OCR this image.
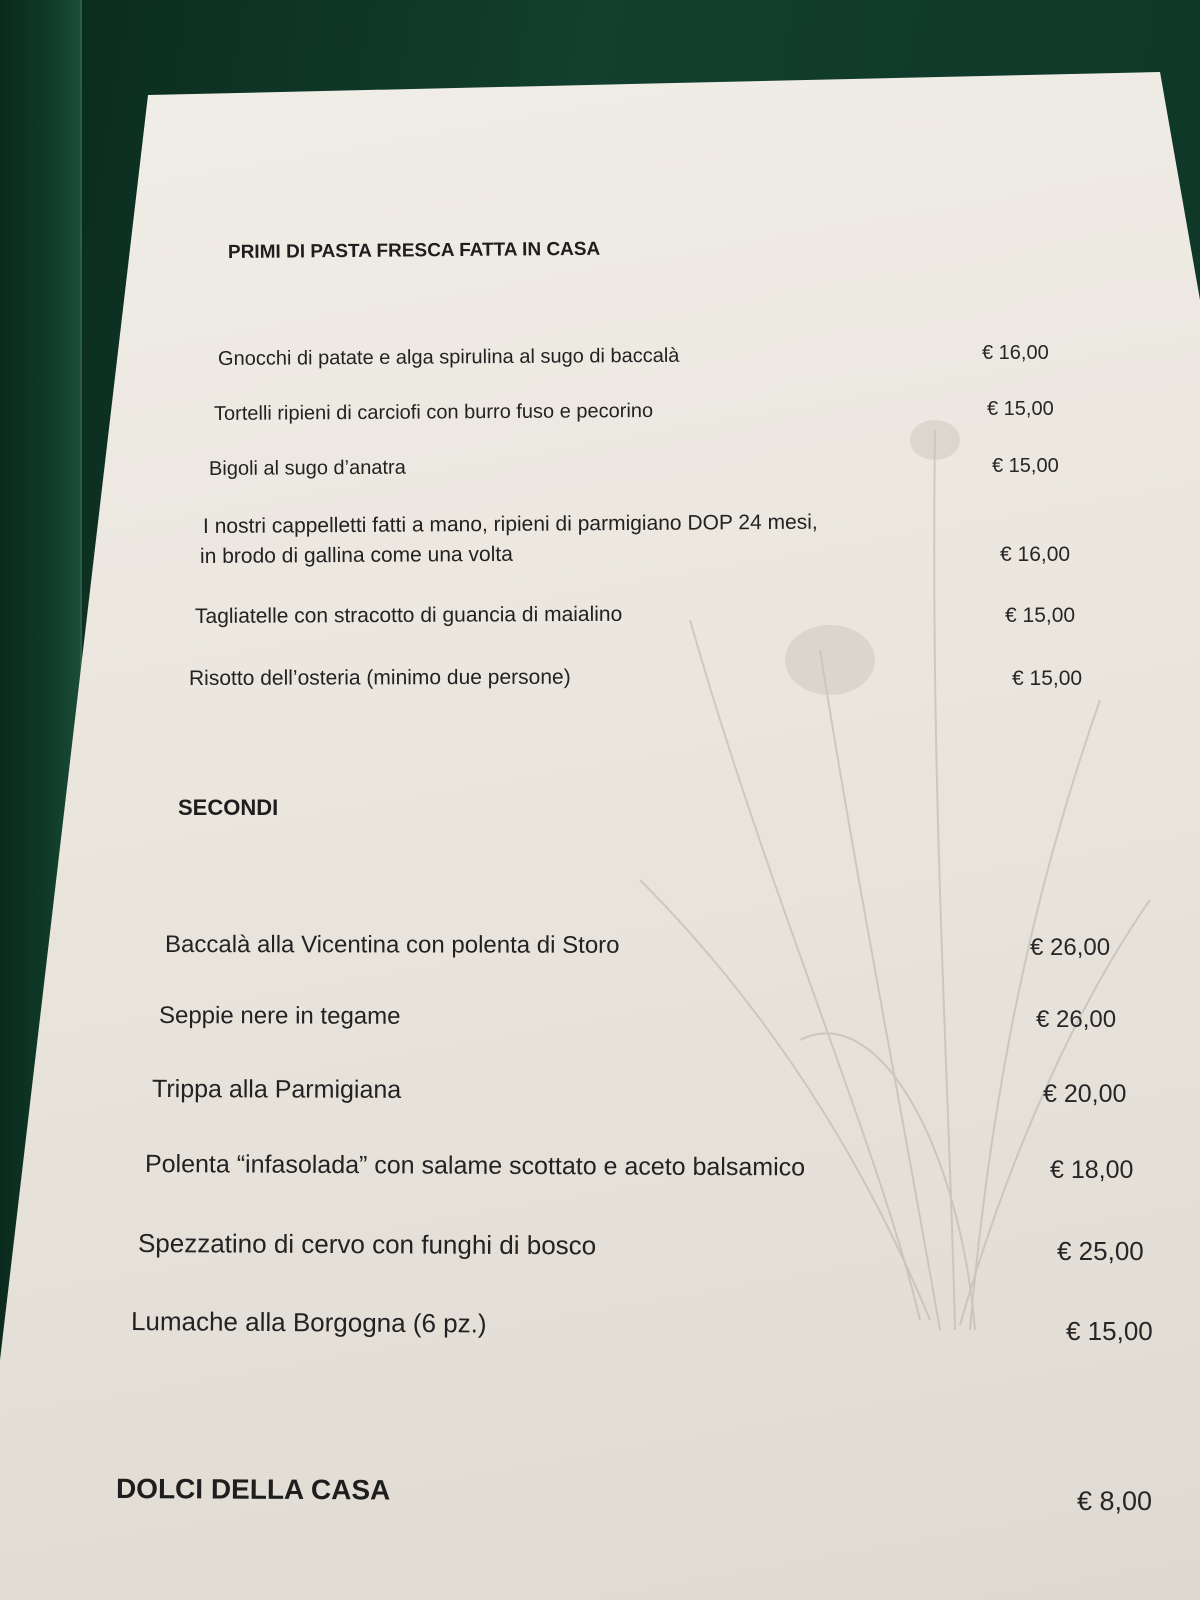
PRIMI DI PASTA FRESCA FATTA IN CASA
Gnocchi di patate e alga spirulina al sugo di baccalà	€ 16,00
Tortelli ripieni di carciofi con burro fuso e pecorino	€ 15,00
Bigoli al sugo d’anatra	€ 15,00
I nostri cappelletti fatti a mano, ripieni di parmigiano DOP 24 mesi,
in brodo di gallina come una volta	€ 16,00
Tagliatelle con stracotto di guancia di maialino	€ 15,00
Risotto dell’osteria (minimo due persone)	€ 15,00
SECONDI
Baccalà alla Vicentina con polenta di Storo	€ 26,00
Seppie nere in tegame	€ 26,00
Trippa alla Parmigiana	€ 20,00
Polenta “infasolada” con salame scottato e aceto balsamico	€ 18,00
Spezzatino di cervo con funghi di bosco	€ 25,00
Lumache alla Borgogna (6 pz.)	€ 15,00
DOLCI DELLA CASA	€ 8,00
